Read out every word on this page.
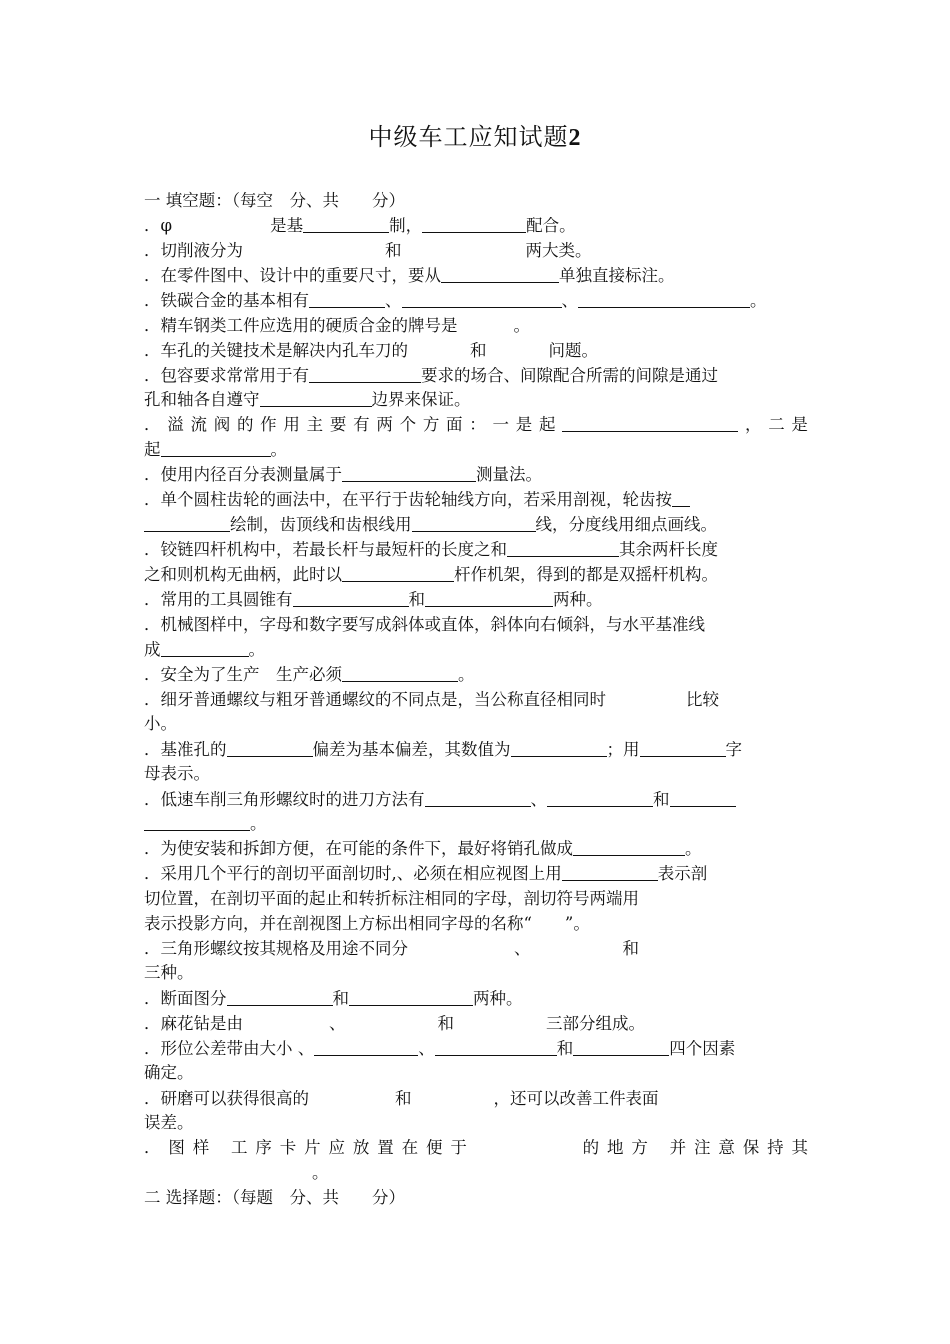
中级车工应知试题2
一 填空题：（每空　分、共　　分）
．φ	是基	制，	配合。
．切削液分为	和	两大类。
．在零件图中、设计中的重要尺寸，要从	单独直接标注。
．铁碳合金的基本相有	、	、	。
．精车钢类工件应选用的硬质合金的牌号是	。
．车孔的关键技术是解决内孔车刀的	和	问题。
．包容要求常常用于有	要求的场合、间隙配合所需的间隙是通过
孔和轴各自遵守	边界来保证。
． 溢 流 阀 的 作 用 主 要 有 两 个 方 面 ： 一 是 起	， 二 是
起	。
．使用内径百分表测量属于	测量法。
．单个圆柱齿轮的画法中，在平行于齿轮轴线方向，若采用剖视，轮齿按
绘制，齿顶线和齿根线用	线，分度线用细点画线。
．铰链四杆机构中，若最长杆与最短杆的长度之和	其余两杆长度
之和则机构无曲柄，此时以	杆作机架，得到的都是双摇杆机构。
．常用的工具圆锥有	和	两种。
．机械图样中，字母和数字要写成斜体或直体，斜体向右倾斜，与水平基准线
成	。
．安全为了生产　生产必须	。
．细牙普通螺纹与粗牙普通螺纹的不同点是，当公称直径相同时	比较
小。
．基准孔的	偏差为基本偏差，其数值为	；用	字
母表示。
．低速车削三角形螺纹时的进刀方法有	、	和
。
．为使安装和拆卸方便，在可能的条件下，最好将销孔做成	。
．采用几个平行的剖切平面剖切时,、必须在相应视图上用	表示剖
切位置，在剖切平面的起止和转折标注相同的字母，剖切符号两端用
表示投影方向，并在剖视图上方标出相同字母的名称“　　”。
．三角形螺纹按其规格及用途不同分	、	和
三种。
．断面图分	和	两种。
．麻花钻是由	、	和	三部分组成。
．形位公差带由大小 、	、	和	四个因素
确定。
．研磨可以获得很高的	和	，还可以改善工件表面
误差。
． 图 样 工 序 卡 片 应 放 置 在 便 于	的 地 方 并 注 意 保 持 其
。
二 选择题：（每题　分、共　　分）
